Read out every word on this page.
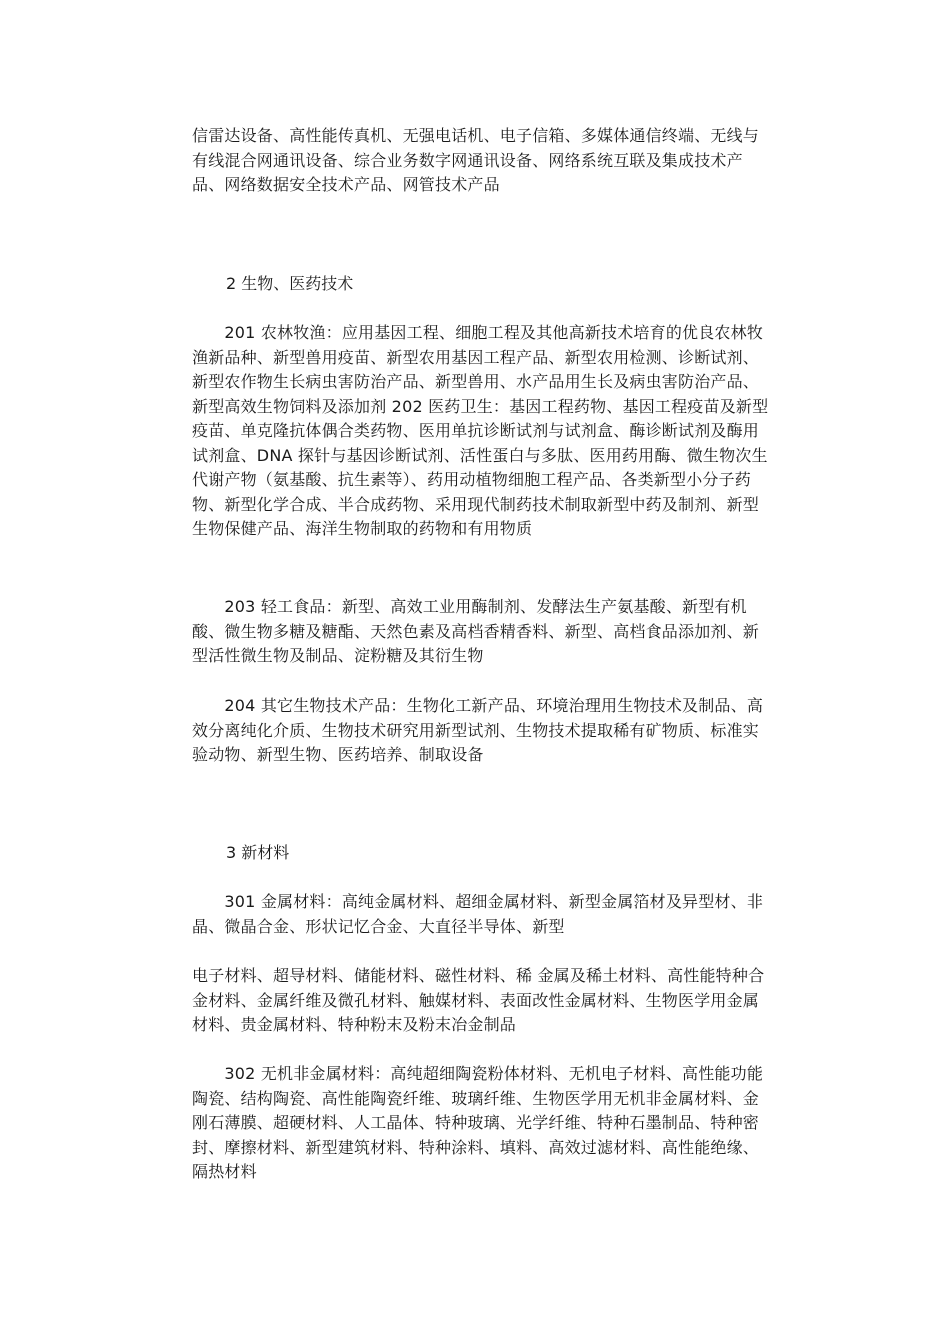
信雷达设备、高性能传真机、无强电话机、电子信箱、多媒体通信终端、无线与有线混合网通讯设备、综合业务数字网通讯设备、网络系统互联及集成技术产品、网络数据安全技术产品、网管技术产品

2 生物、医药技术

　　201 农林牧渔：应用基因工程、细胞工程及其他高新技术培育的优良农林牧渔新品种、新型兽用疫苗、新型农用基因工程产品、新型农用检测、诊断试剂、新型农作物生长病虫害防治产品、新型兽用、水产品用生长及病虫害防治产品、新型高效生物饲料及添加剂 202 医药卫生：基因工程药物、基因工程疫苗及新型疫苗、单克隆抗体偶合类药物、医用单抗诊断试剂与试剂盒、酶诊断试剂及酶用试剂盒、DNA 探针与基因诊断试剂、活性蛋白与多肽、医用药用酶、微生物次生代谢产物（氨基酸、抗生素等）、药用动植物细胞工程产品、各类新型小分子药物、新型化学合成、半合成药物、采用现代制药技术制取新型中药及制剂、新型生物保健产品、海洋生物制取的药物和有用物质

　　203 轻工食品：新型、高效工业用酶制剂、发酵法生产氨基酸、新型有机酸、微生物多糖及糖酯、天然色素及高档香精香料、新型、高档食品添加剂、新型活性微生物及制品、淀粉糖及其衍生物

　　204 其它生物技术产品：生物化工新产品、环境治理用生物技术及制品、高效分离纯化介质、生物技术研究用新型试剂、生物技术提取稀有矿物质、标准实验动物、新型生物、医药培养、制取设备

3 新材料

　　301 金属材料：高纯金属材料、超细金属材料、新型金属箔材及异型材、非晶、微晶合金、形状记忆合金、大直径半导体、新型

电子材料、超导材料、储能材料、磁性材料、稀 金属及稀土材料、高性能特种合金材料、金属纤维及微孔材料、触媒材料、表面改性金属材料、生物医学用金属材料、贵金属材料、特种粉末及粉末冶金制品

　　302 无机非金属材料：高纯超细陶瓷粉体材料、无机电子材料、高性能功能陶瓷、结构陶瓷、高性能陶瓷纤维、玻璃纤维、生物医学用无机非金属材料、金刚石薄膜、超硬材料、人工晶体、特种玻璃、光学纤维、特种石墨制品、特种密封、摩擦材料、新型建筑材料、特种涂料、填料、高效过滤材料、高性能绝缘、隔热材料
